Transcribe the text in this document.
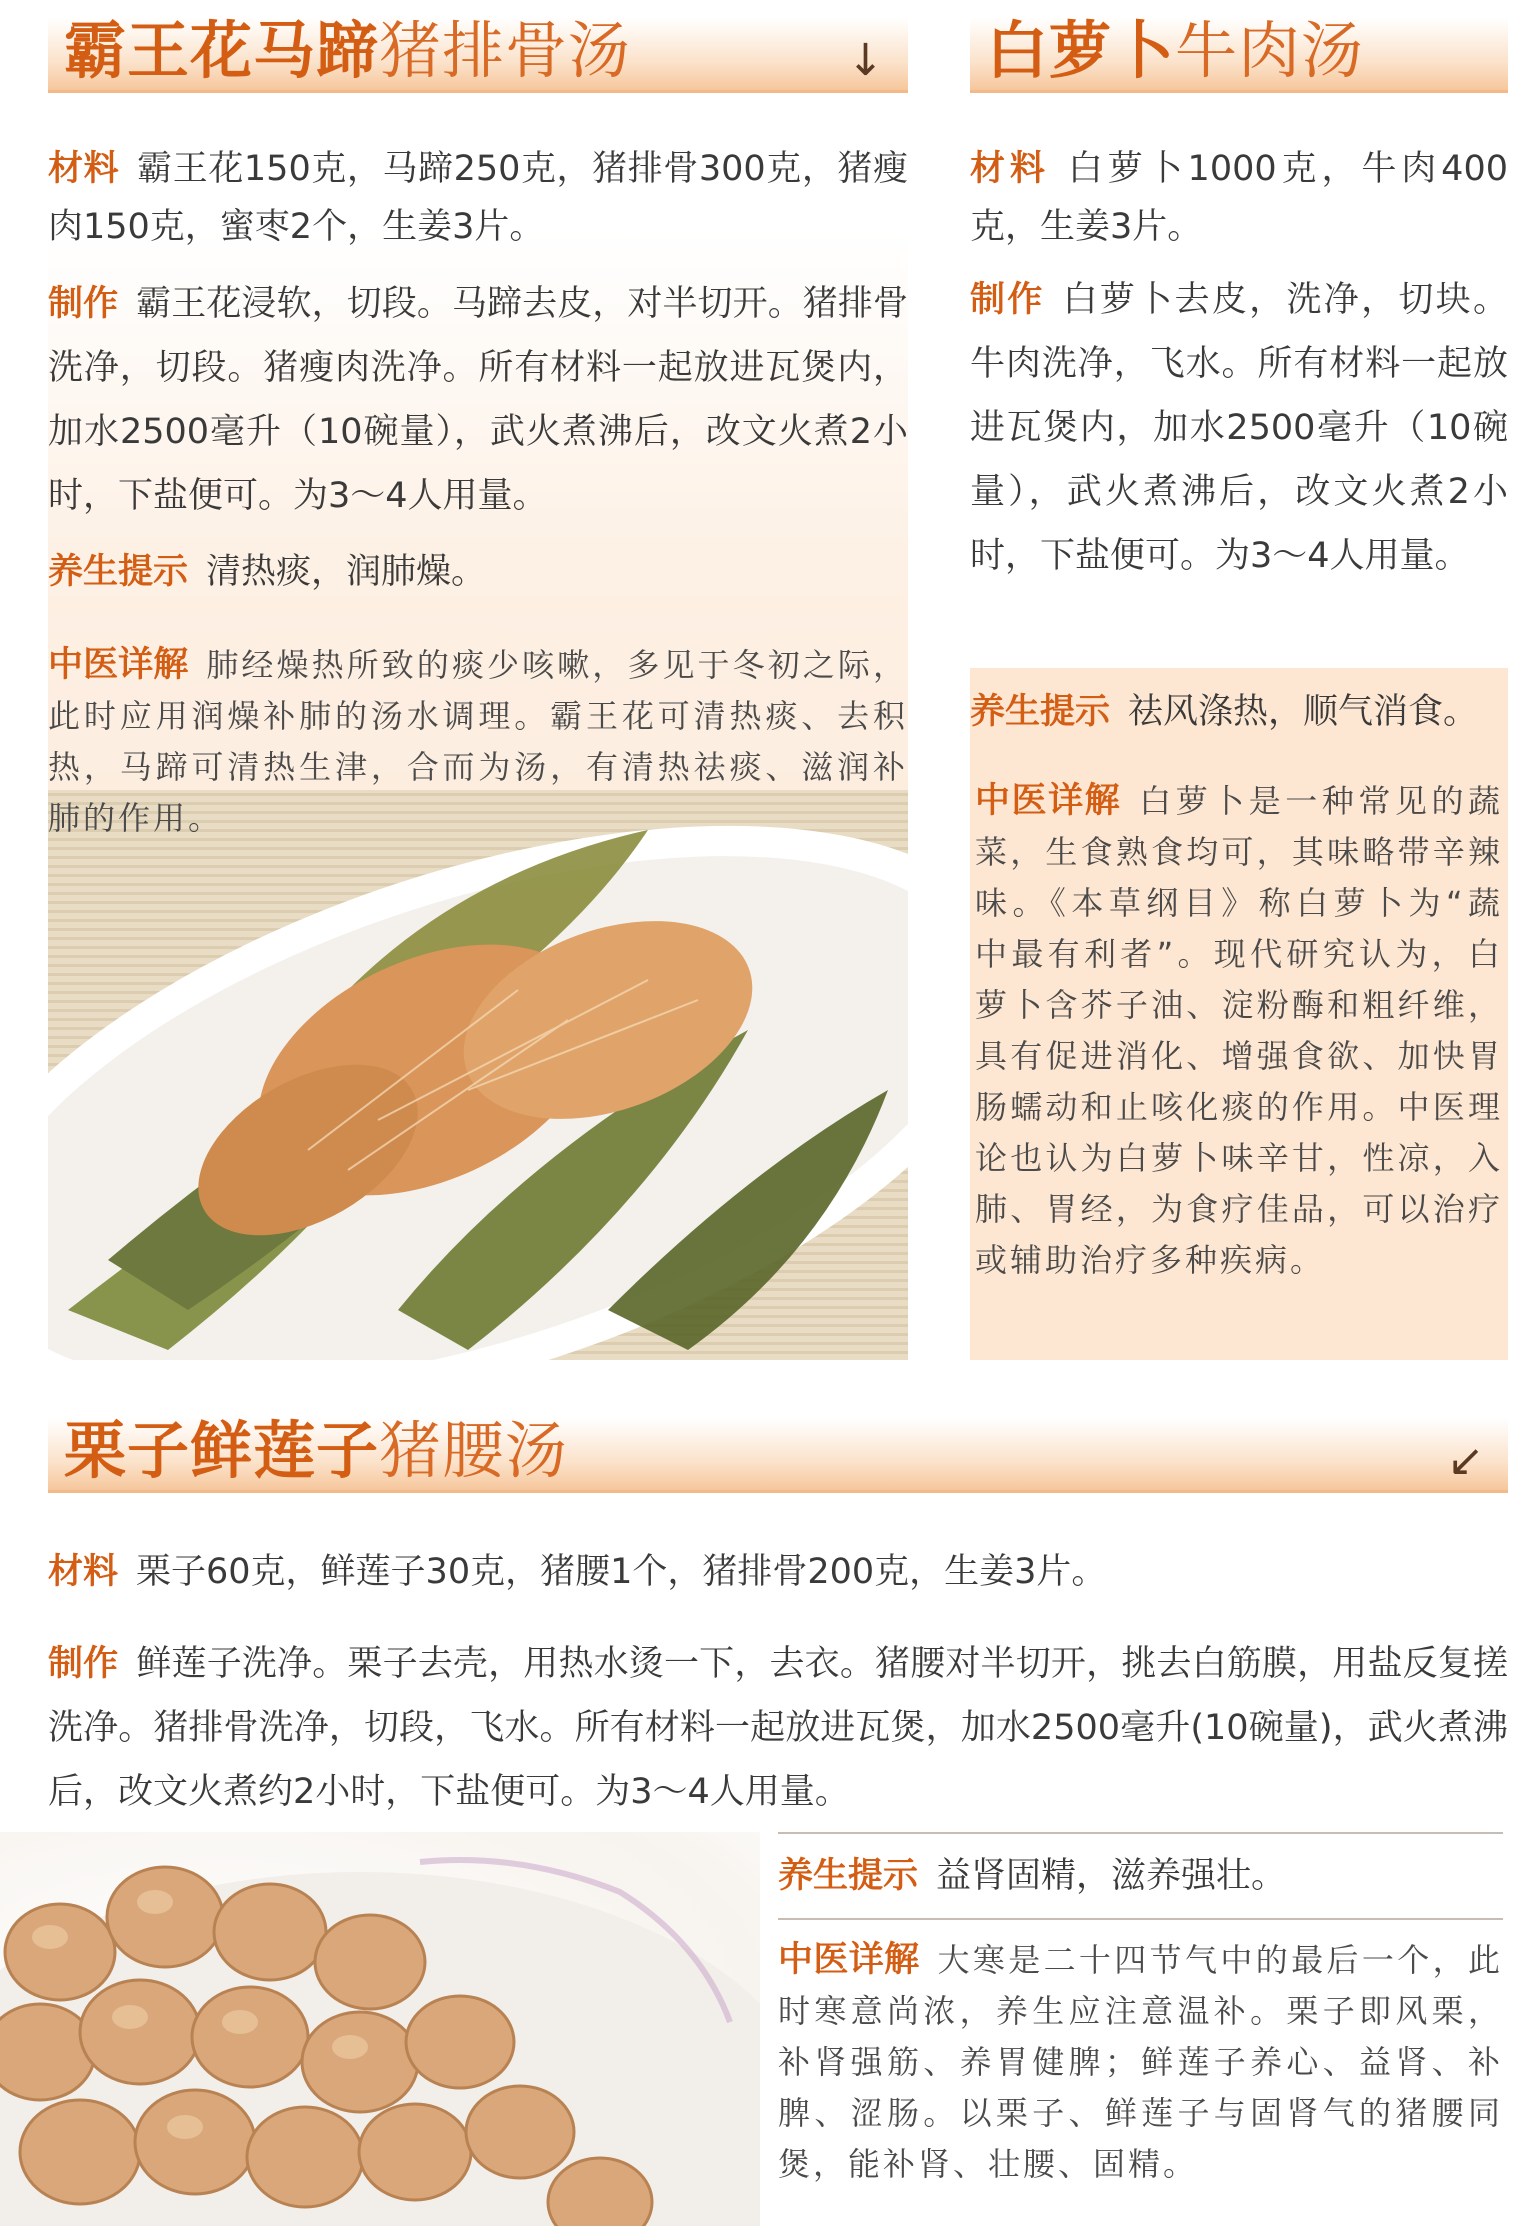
霸王花马蹄猪排骨汤	↓
材料 霸王花150克，马蹄250克，猪排骨300克，猪瘦肉150克，蜜枣2个，生姜3片。
制作 霸王花浸软，切段。马蹄去皮，对半切开。猪排骨洗净，切段。猪瘦肉洗净。所有材料一起放进瓦煲内，加水2500毫升（10碗量），武火煮沸后，改文火煮2小时，下盐便可。为3～4人用量。
养生提示 清热痰，润肺燥。
中医详解 肺经燥热所致的痰少咳嗽，多见于冬初之际，此时应用润燥补肺的汤水调理。霸王花可清热痰、去积热，马蹄可清热生津，合而为汤，有清热祛痰、滋润补肺的作用。
白萝卜牛肉汤
材料 白萝卜1000克，牛肉400克，生姜3片。
制作 白萝卜去皮，洗净，切块。牛肉洗净，飞水。所有材料一起放进瓦煲内，加水2500毫升（10碗量），武火煮沸后，改文火煮2小时，下盐便可。为3～4人用量。
养生提示 祛风涤热，顺气消食。
中医详解 白萝卜是一种常见的蔬菜，生食熟食均可，其味略带辛辣味。《本草纲目》称白萝卜为“蔬中最有利者”。现代研究认为，白萝卜含芥子油、淀粉酶和粗纤维，具有促进消化、增强食欲、加快胃肠蠕动和止咳化痰的作用。中医理论也认为白萝卜味辛甘，性凉，入肺、胃经，为食疗佳品，可以治疗或辅助治疗多种疾病。
栗子鲜莲子猪腰汤	↙
材料 栗子60克，鲜莲子30克，猪腰1个，猪排骨200克，生姜3片。
制作 鲜莲子洗净。栗子去壳，用热水烫一下，去衣。猪腰对半切开，挑去白筋膜，用盐反复搓洗净。猪排骨洗净，切段，飞水。所有材料一起放进瓦煲，加水2500毫升(10碗量)，武火煮沸后，改文火煮约2小时，下盐便可。为3～4人用量。
养生提示 益肾固精，滋养强壮。
中医详解 大寒是二十四节气中的最后一个，此时寒意尚浓，养生应注意温补。栗子即风栗，补肾强筋、养胃健脾；鲜莲子养心、益肾、补脾、涩肠。以栗子、鲜莲子与固肾气的猪腰同煲，能补肾、壮腰、固精。
